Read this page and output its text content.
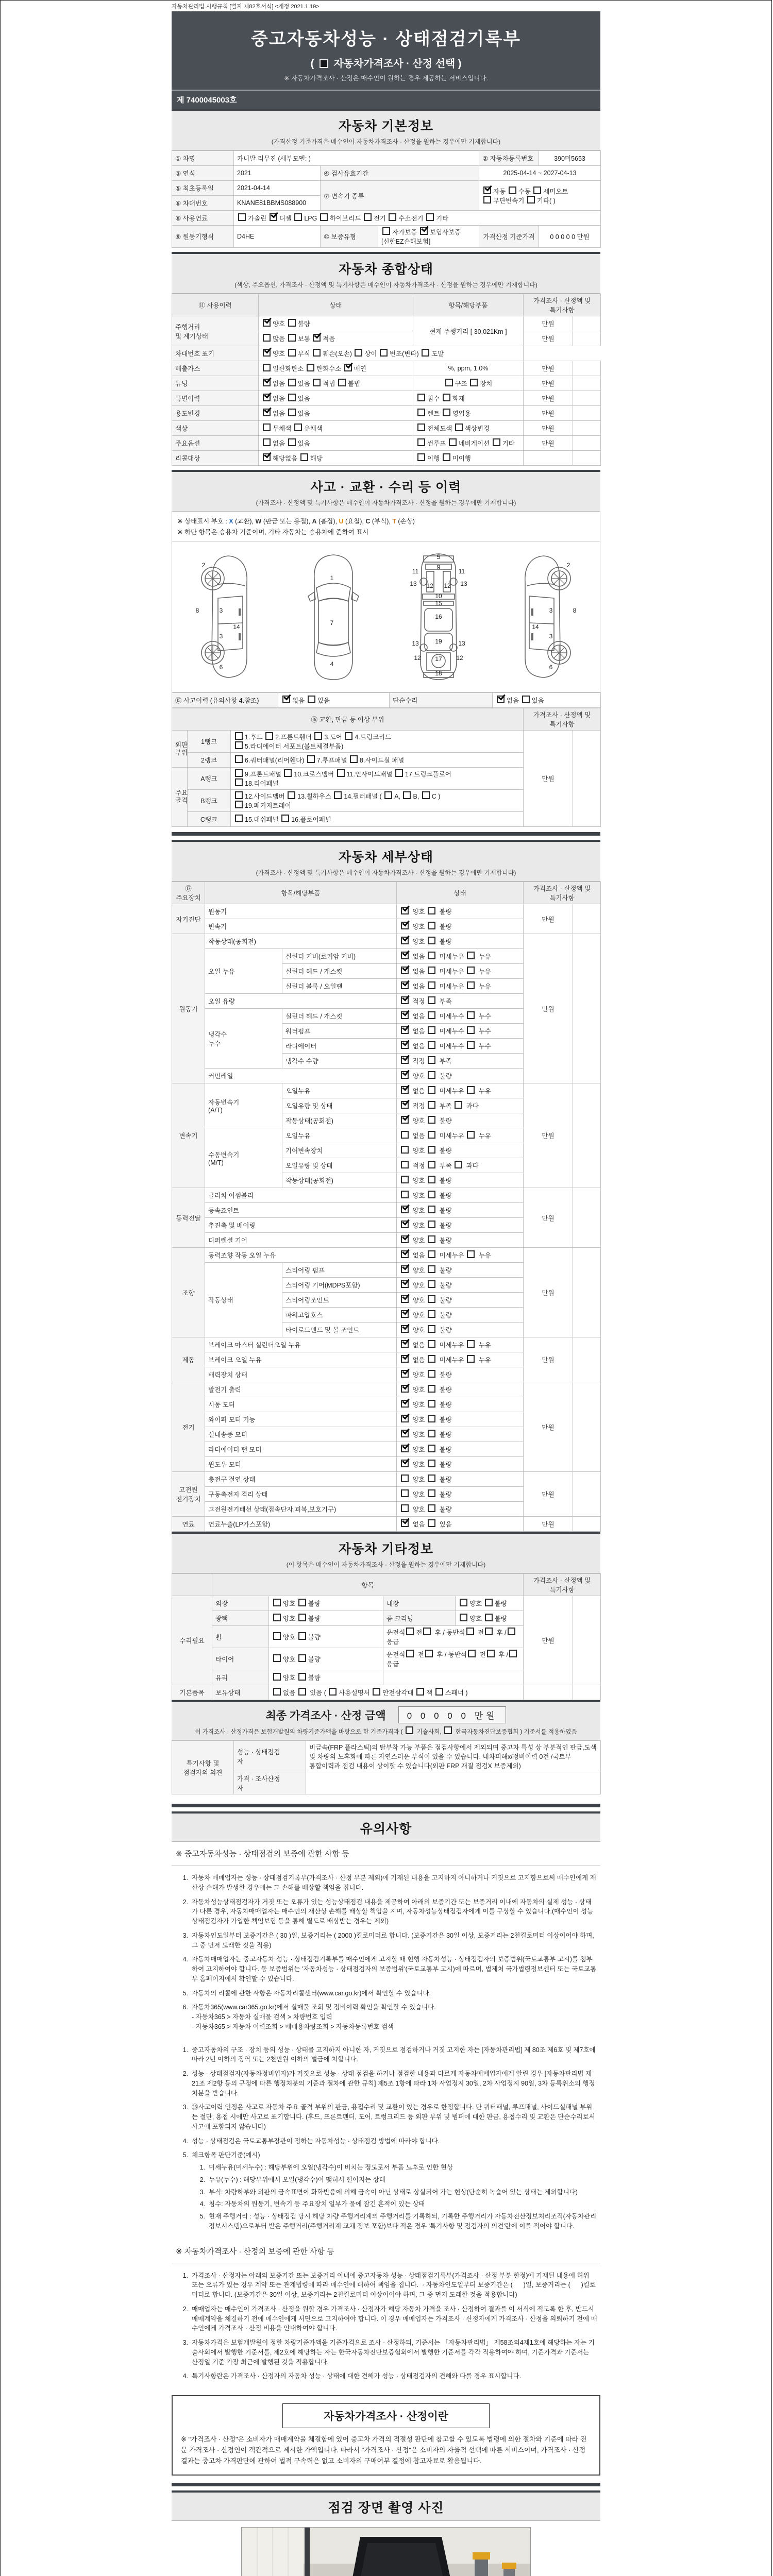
자동차관리법 시행규칙 [별지 제82호서식] <개정 2021.1.19>
중고자동차성능 · 상태점검기록부
(  자동차가격조사 · 산정 선택 )
※ 자동차가격조사 · 산정은 매수인이 원하는 경우 제공하는 서비스입니다.
제 7400045003호
자동차 기본정보
(가격산정 기준가격은 매수인이 자동차가격조사 · 산정을 원하는 경우에만 기재합니다)
① 차명	카니발 리무진 (세부모델: )			② 자동차등록번호	390머5653
③ 연식	2021	④ 검사유효기간		2025-04-14 ~ 2027-04-13	
⑤ 최초등록일	2021-04-14	⑦ 변속기 종류		자동 수동 세미오토
무단변속기 기타( )	
⑥ 차대번호	KNANE81BBMS088900				
⑧ 사용연료	가솔린 디젤 LPG 하이브리드 전기 수소전기 기타				
⑨ 원동기형식	D4HE	⑩ 보증유형	자가보증 보험사보증 [신한EZ손해보험]	가격산정 기준가격	0 0 0 0 0 만원
자동차 종합상태
(색상, 주요옵션, 가격조사 · 산정액 및 특기사항은 매수인이 자동차가격조사 · 산정을 원하는 경우에만 기재합니다)
⑪ 사용이력	상태	항목/해당부품	가격조사 · 산정액 및 특기사항	
주행거리
및 계기상태	양호 불량	현재 주행거리 [ 30,021Km ]	만원	
	많음 보통 적음		만원	
차대번호 표기	양호 부식 훼손(오손) 상이 변조(변타) 도말			
배출가스	일산화탄소 탄화수소 매연	%, ppm, 1.0%	만원	
튜닝	없음 있음 적법 불법	구조 장치	만원	
특별이력	없음 있음	침수 화재	만원	
용도변경	없음 있음	렌트 영업용	만원	
색상	무채색 유채색	전체도색 색상변경	만원	
주요옵션	없음 있음	썬루프 네비게이션 기타	만원	
리콜대상	해당없음 해당	이행 미이행		
사고 · 교환 · 수리 등 이력
(가격조사 · 산정액 및 특기사항은 매수인이 자동차가격조사 · 산정을 원하는 경우에만 기재합니다)
※ 상태표시 부호 : X (교환), W (판금 또는 용접), A (흠집), U (요철), C (부식), T (손상)
※ 하단 항목은 승용차 기준이며, 기타 자동차는 승용차에 준하여 표시
2
8	3
14
3
6
1
7
4
5
9
11	11
13 12 12 13
10
15
16
19
13	13
12	12
17
18
2
8
3
14
3
6
⑮ 사고이력 (유의사항 4.참조)	없음 있음	단순수리	없음 있음
⑯ 교환, 판금 등 이상 부위			가격조사 · 산정액 및 특기사항	
외판
부위	1랭크	1.후드 2.프론트휀더 3.도어 4.트렁크리드
5.라디에이터 서포트(볼트체결부품)	만원	
	2랭크	6.쿼터패널(리어휀다) 7.루프패널 8.사이드실 패널		
주요
골격	A랭크	9.프론트패널 10.크로스멤버 11.인사이드패널 17.트렁크플로어
18.리어패널		
	B랭크	12.사이드멤버 13.휠하우스 14.필러패널 ( A, B, C )
19.패키지트레이		
	C랭크	15.대쉬패널 16.플로어패널		
자동차 세부상태
(가격조사 · 산정액 및 특기사항은 매수인이 자동차가격조사 · 산정을 원하는 경우에만 기재합니다)
⑰ 주요장치	항목/해당부품		상태	가격조사 · 산정액 및 특기사항	
자기진단	원동기		양호  불량	만원	
	변속기		양호  불량		
원동기	작동상태(공회전)		양호  불량	만원	
	오일 누유	실린더 커버(로커암 커버)	없음  미세누유  누유		
		실린더 헤드 / 개스킷	없음  미세누유  누유		
		실린더 블록 / 오일팬	없음  미세누유  누유		
	오일 유량		적정  부족		
	냉각수
누수	실린더 헤드 / 개스킷	없음  미세누수  누수		
		워터펌프	없음  미세누수  누수		
		라디에이터	없음  미세누수  누수		
		냉각수 수량	적정  부족		
	커먼레일		양호  불량		
변속기	자동변속기
(A/T)	오일누유	없음  미세누유  누유	만원	
		오일유량 및 상태	적정  부족  과다		
		작동상태(공회전)	양호  불량		
	수동변속기
(M/T)	오일누유	없음  미세누유  누유		
		기어변속장치	양호  불량		
		오일유량 및 상태	적정  부족  과다		
		작동상태(공회전)	양호  불량		
동력전달	클러치 어셈블리		양호  불량	만원	
	등속죠인트		양호  불량		
	추진축 및 베어링		양호  불량		
	디퍼렌셜 기어		양호  불량		
조향	동력조향 작동 오일 누유		없음  미세누유  누유	만원	
	작동상태	스티어링 펌프	양호  불량		
		스티어링 기어(MDPS포함)	양호  불량		
		스티어링조인트	양호  불량		
		파워고압호스	양호  불량		
		타이로드엔드 및 볼 조인트	양호  불량		
제동	브레이크 마스터 실린더오일 누유		없음  미세누유  누유	만원	
	브레이크 오일 누유		없음  미세누유  누유		
	배력장치 상태		양호  불량		
전기	발전기 출력		양호  불량	만원	
	시동 모터		양호  불량		
	와이퍼 모터 기능		양호  불량		
	실내송풍 모터		양호  불량		
	라디에이터 팬 모터		양호  불량		
	윈도우 모터		양호  불량		
고전원
전기장치	충전구 절연 상태		양호  불량	만원	
	구동축전지 격리 상태		양호  불량		
	고전원전기배선 상태(접속단자,피복,보호기구)		양호  불량		
연료	연료누출(LP가스포함)		없음  있음	만원	
자동차 기타정보
(이 항목은 매수인이 자동차가격조사 · 산정을 원하는 경우에만 기재합니다)
	항목				가격조사 · 산정액 및 특기사항	
수리필요	외장	양호 불량	내장	양호 불량	만원	
	광택	양호 불량	룸 크리닝	양호 불량		
	휠	양호 불량	운전석 전 후 / 동반석 전 후 / 응급			
	타이어	양호 불량	운전석 전 후 / 동반석 전 후 / 응급			
	유리	양호 불량				
기본품목	보유상태	없음  있음 ( 사용설명서 안전삼각대 잭 스패너 )				
최종 가격조사 · 산정 금액	0 0 0 0 0 만원
이 가격조사 · 산정가격은 보험개발원의 차량기준가액을 바탕으로 한 기준가격과 (  기술사회,  한국자동차진단보증협회 ) 기준서를 적용하였음
특기사항 및
점검자의 의견	성능 · 상태점검
자	비금속(FRP 플라스틱)의 탈부착 가능 부품은 점검사항에서 제외되며 중고차 특성 상 부분적인 판금,도색 및 차량의 노후화에 따른 자연스러운 부식이 있을 수 있습니다. 내차피해x/정비이력 0건 /국토부 통합이력과 점검 내용이 상이할 수 있습니다(외판 FRP 재질 점검X 보증제외)
	가격 · 조사산정
자	
유의사항
※ 중고자동차성능 · 상태점검의 보증에 관한 사항 등
1. 자동차 매매업자는 성능 · 상태점검기록부(가격조사 · 산정 부분 제외)에 기재된 내용을 고지하지 아니하거나 거짓으로 고지함으로써 매수인에게 재산상 손해가 발생한 경우에는 그 손해를 배상할 책임을 집니다.
2. 자동차성능상태점검자가 거짓 또는 오류가 있는 성능상태점검 내용을 제공하여 아래의 보증기간 또는 보증거리 이내에 자동차의 실제 성능 · 상태가 다른 경우, 자동차매매업자는 매수인의 재산상 손해를 배상할 책임을 지며, 자동차성능상태점검자에게 이를 구상할 수 있습니다.(매수인이 성능상태점검자가 가입한 책임보험 등을 통해 별도로 배상받는 경우는 제외)
3. 자동차인도일부터 보증기간은 ( 30 )일, 보증거리는 ( 2000 )킬로미터로 합니다. (보증기간은 30일 이상, 보증거리는 2천킬로미터 이상이어야 하며, 그 중 먼저 도래한 것을 적용)
4. 자동차매매업자는 중고자동차 성능 · 상태점검기록부를 매수인에게 고지할 때 현행 자동차성능 · 상태점검자의 보증범위(국토교통부 고시)를 첨부하여 고지하여야 합니다. 동 보증범위는 '자동차성능 · 상태점검자의 보증범위'(국토교통부 고시)에 따르며, 법제처 국가법령정보센터 또는 국토교통부 홈페이지에서 확인할 수 있습니다.
5. 자동차의 리콜에 관한 사항은 자동차리콜센터(www.car.go.kr)에서 확인할 수 있습니다.
6. 자동차365(www.car365.go.kr)에서 실매물 조회 및 정비이력 확인을 확인할 수 있습니다.
- 자동차365 > 자동차 실매물 검색 > 차량번호 입력
- 자동차365 > 자동차 이력조회 > 매매용차량조회 > 자동차등록번호 검색
1. 중고자동차의 구조 · 장치 등의 성능 · 상태를 고지하지 아니한 자, 거짓으로 점검하거나 거짓 고지한 자는 [자동차관리법] 제 80조 제6호 및 제7호에 따라 2년 이하의 징역 또는 2천만원 이하의 벌금에 처합니다.
2. 성능 · 상태점검자(자동차정비업자)가 거짓으로 성능 · 상태 점검을 하거나 점검한 내용과 다르게 자동차매매업자에게 알린 경우 [자동차관리법 제21조 제2항 등의 규정에 따른 행정처분의 기준과 절차에 관한 규칙] 제5조 1항에 따라 1차 사업정지 30일, 2차 사업정지 90일, 3차 등록취소의 행정처분을 받습니다.
3. ⑮사고이력 인정은 사고로 자동차 주요 골격 부위의 판금, 용접수리 및 교환이 있는 경우로 한정합니다. 단 쿼터패널, 루프패널, 사이드실패널 부위는 절단, 용접 시에만 사고로 표기합니다. (후드, 프론트펜더, 도어, 트렁크리드 등 외판 부위 및 범퍼에 대한 판금, 용접수리 및 교환은 단순수리로서 사고에 포함되지 않습니다)
4. 성능 · 상태점검은 국토교통부장관이 정하는 자동차성능 · 상태점검 방법에 따라야 합니다.
5. 체크항목 판단기준(예시)
1. 미세누유(미세누수) : 해당부위에 오일(냉각수)이 비치는 정도로서 부품 노후로 인한 현상
2. 누유(누수) : 해당부위에서 오일(냉각수)이 맺혀서 떨어지는 상태
3. 부식: 차량하부와 외판의 금속표면이 화학반응에 의해 금속이 아닌 상태로 상실되어 가는 현상(단순히 녹슬어 있는 상태는 제외합니다)
4. 침수: 자동차의 원동기, 변속기 등 주요장치 일부가 물에 잠긴 흔적이 있는 상태
5. 현재 주행거리 : 성능 · 상태점검 당시 해당 차량 주행거리계의 주행거리를 기록하되, 기록한 주행거리가 자동차전산정보처리조직(자동차관리정보시스템)으로부터 받은 주행거리(주행거리계 교체 정보 포함)보다 적은 경우 '특기사항 및 점검자의 의견'란에 이를 적어야 합니다.
※ 자동차가격조사 · 산정의 보증에 관한 사항 등
1. 가격조사 · 산정자는 아래의 보증기간 또는 보증거리 이내에 중고자동차 성능 · 상태점검기록부(가격조사 · 산정 부분 한정)에 기재된 내용에 허위 또는 오류가 있는 경우 계약 또는 관계법령에 따라 매수인에 대하여 책임을 집니다.  · 자동차인도일부터 보증기간은 (      )일, 보증거리는 (      )킬로미터로 합니다. (보증기간은 30일 이상, 보증거리는 2천킬로미터 이상이어야 하며, 그 중 먼저 도래한 것을 적용합니다)
2. 매매업자는 매수인이 가격조사 · 산정을 원할 경우 가격조사 · 산정자가 해당 자동차 가격을 조사 · 산정하여 결과를 이 서식에 적도록 한 후, 반드시 매매계약을 체결하기 전에 매수인에게 서면으로 고지하여야 합니다. 이 경우 매매업자는 가격조사 · 산정자에게 가격조사 · 산정을 의뢰하기 전에 매수인에게 가격조사 · 산정 비용을 안내하여야 합니다.
3. 자동차가격은 보험개발원이 정한 차량기준가액을 기준가격으로 조사 · 산정하되, 기준서는 「자동차관리법」 제58조의4제1호에 해당하는 자는 기술사회에서 발행한 기준서를, 제2호에 해당하는 자는 한국자동차진단보증협회에서 발행한 기준서를 각각 적용하여야 하며, 기준가격과 기준서는 산정일 기준 가장 최근에 발행된 것을 적용합니다.
4. 특기사항란은 가격조사 · 산정자의 자동차 성능 · 상태에 대한 견해가 성능 · 상태점검자의 견해와 다를 경우 표시합니다.
자동차가격조사 · 산정이란
※ "가격조사 · 산정"은 소비자가 매매계약을 체결함에 있어 중고차 가격의 적절성 판단에 참고할 수 있도록 법령에 의한 절차와 기준에 따라 전문 가격조사 · 산정인이 객관적으로 제시한 가액입니다. 따라서 "가격조사 · 산정"은 소비자의 자율적 선택에 따른 서비스이며, 가격조사 · 산정 결과는 중고차 가격판단에 관하여 법적 구속력은 없고 소비자의 구매여부 결정에 참고자료로 활용됩니다.
점검 장면 촬영 사진
